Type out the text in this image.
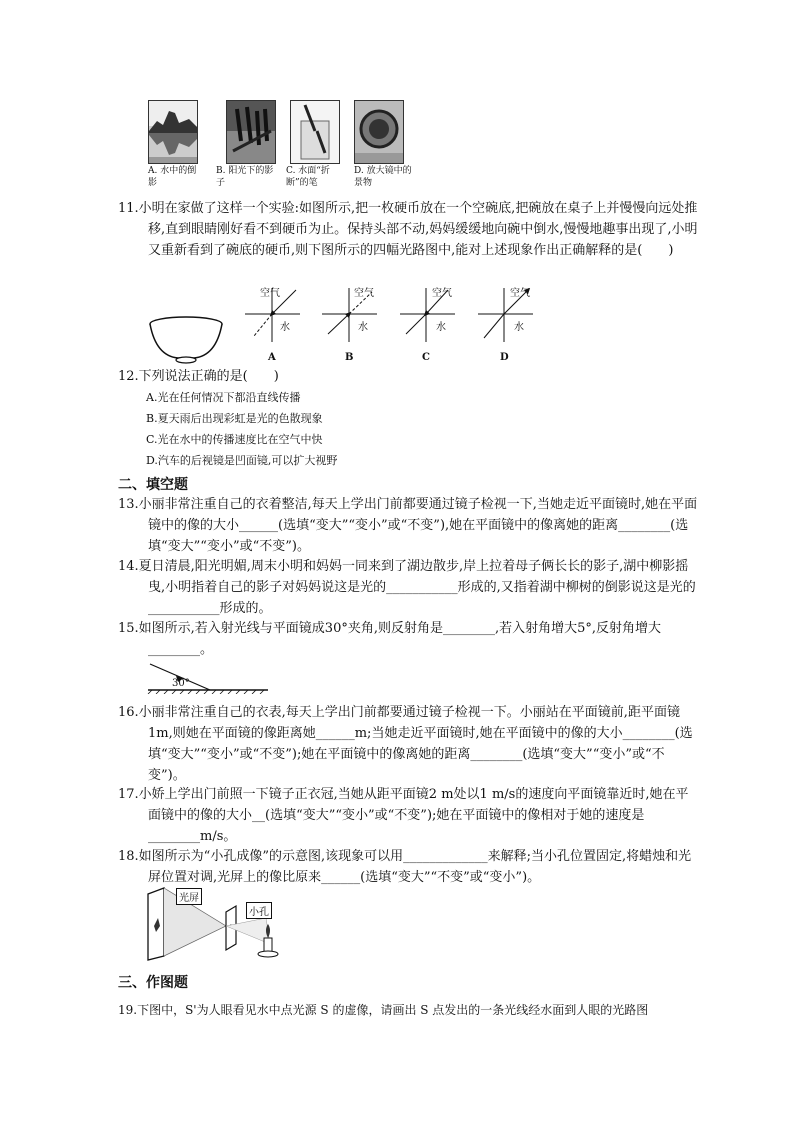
A. 水中的倒影
B. 阳光下的影子
C. 水面“折断”的笔
D. 放大镜中的景物
11.小明在家做了这样一个实验:如图所示,把一枚硬币放在一个空碗底,把碗放在桌子上并慢慢向远处推移,直到眼睛刚好看不到硬币为止。保持头部不动,妈妈缓缓地向碗中倒水,慢慢地趣事出现了,小明又重新看到了碗底的硬币,则下图所示的四幅光路图中,能对上述现象作出正确解释的是(　　)
空气
水
空气
水
空气
水
空气
水
A	B	C	D
12.下列说法正确的是(　　)
A.光在任何情况下都沿直线传播
B.夏天雨后出现彩虹是光的色散现象
C.光在水中的传播速度比在空气中快
D.汽车的后视镜是凹面镜,可以扩大视野
二、填空题
13.小丽非常注重自己的衣着整洁,每天上学出门前都要通过镜子检视一下,当她走近平面镜时,她在平面镜中的像的大小______(选填“变大”“变小”或“不变”),她在平面镜中的像离她的距离________(选填“变大”“变小”或“不变”)。
14.夏日清晨,阳光明媚,周末小明和妈妈一同来到了湖边散步,岸上拉着母子俩长长的影子,湖中柳影摇曳,小明指着自己的影子对妈妈说这是光的___________形成的,又指着湖中柳树的倒影说这是光的___________形成的。
15.如图所示,若入射光线与平面镜成30°夹角,则反射角是________,若入射角增大5°,反射角增大________。
30°
16.小丽非常注重自己的衣表,每天上学出门前都要通过镜子检视一下。小丽站在平面镜前,距平面镜1m,则她在平面镜的像距离她______m;当她走近平面镜时,她在平面镜中的像的大小________(选填“变大”“变小”或“不变”);她在平面镜中的像离她的距离________(选填“变大”“变小”或“不变”)。
17.小娇上学出门前照一下镜子正衣冠,当她从距平面镜2 m处以1 m/s的速度向平面镜靠近时,她在平面镜中的像的大小__(选填“变大”“变小”或“不变”);她在平面镜中的像相对于她的速度是________m/s。
18.如图所示为“小孔成像”的示意图,该现象可以用_____________来解释;当小孔位置固定,将蜡烛和光屏位置对调,光屏上的像比原来______(选填“变大”“不变”或“变小”)。
光屏
小孔
三、作图题
19.下图中，S'为人眼看见水中点光源 S 的虚像，请画出 S 点发出的一条光线经水面到人眼的光路图
